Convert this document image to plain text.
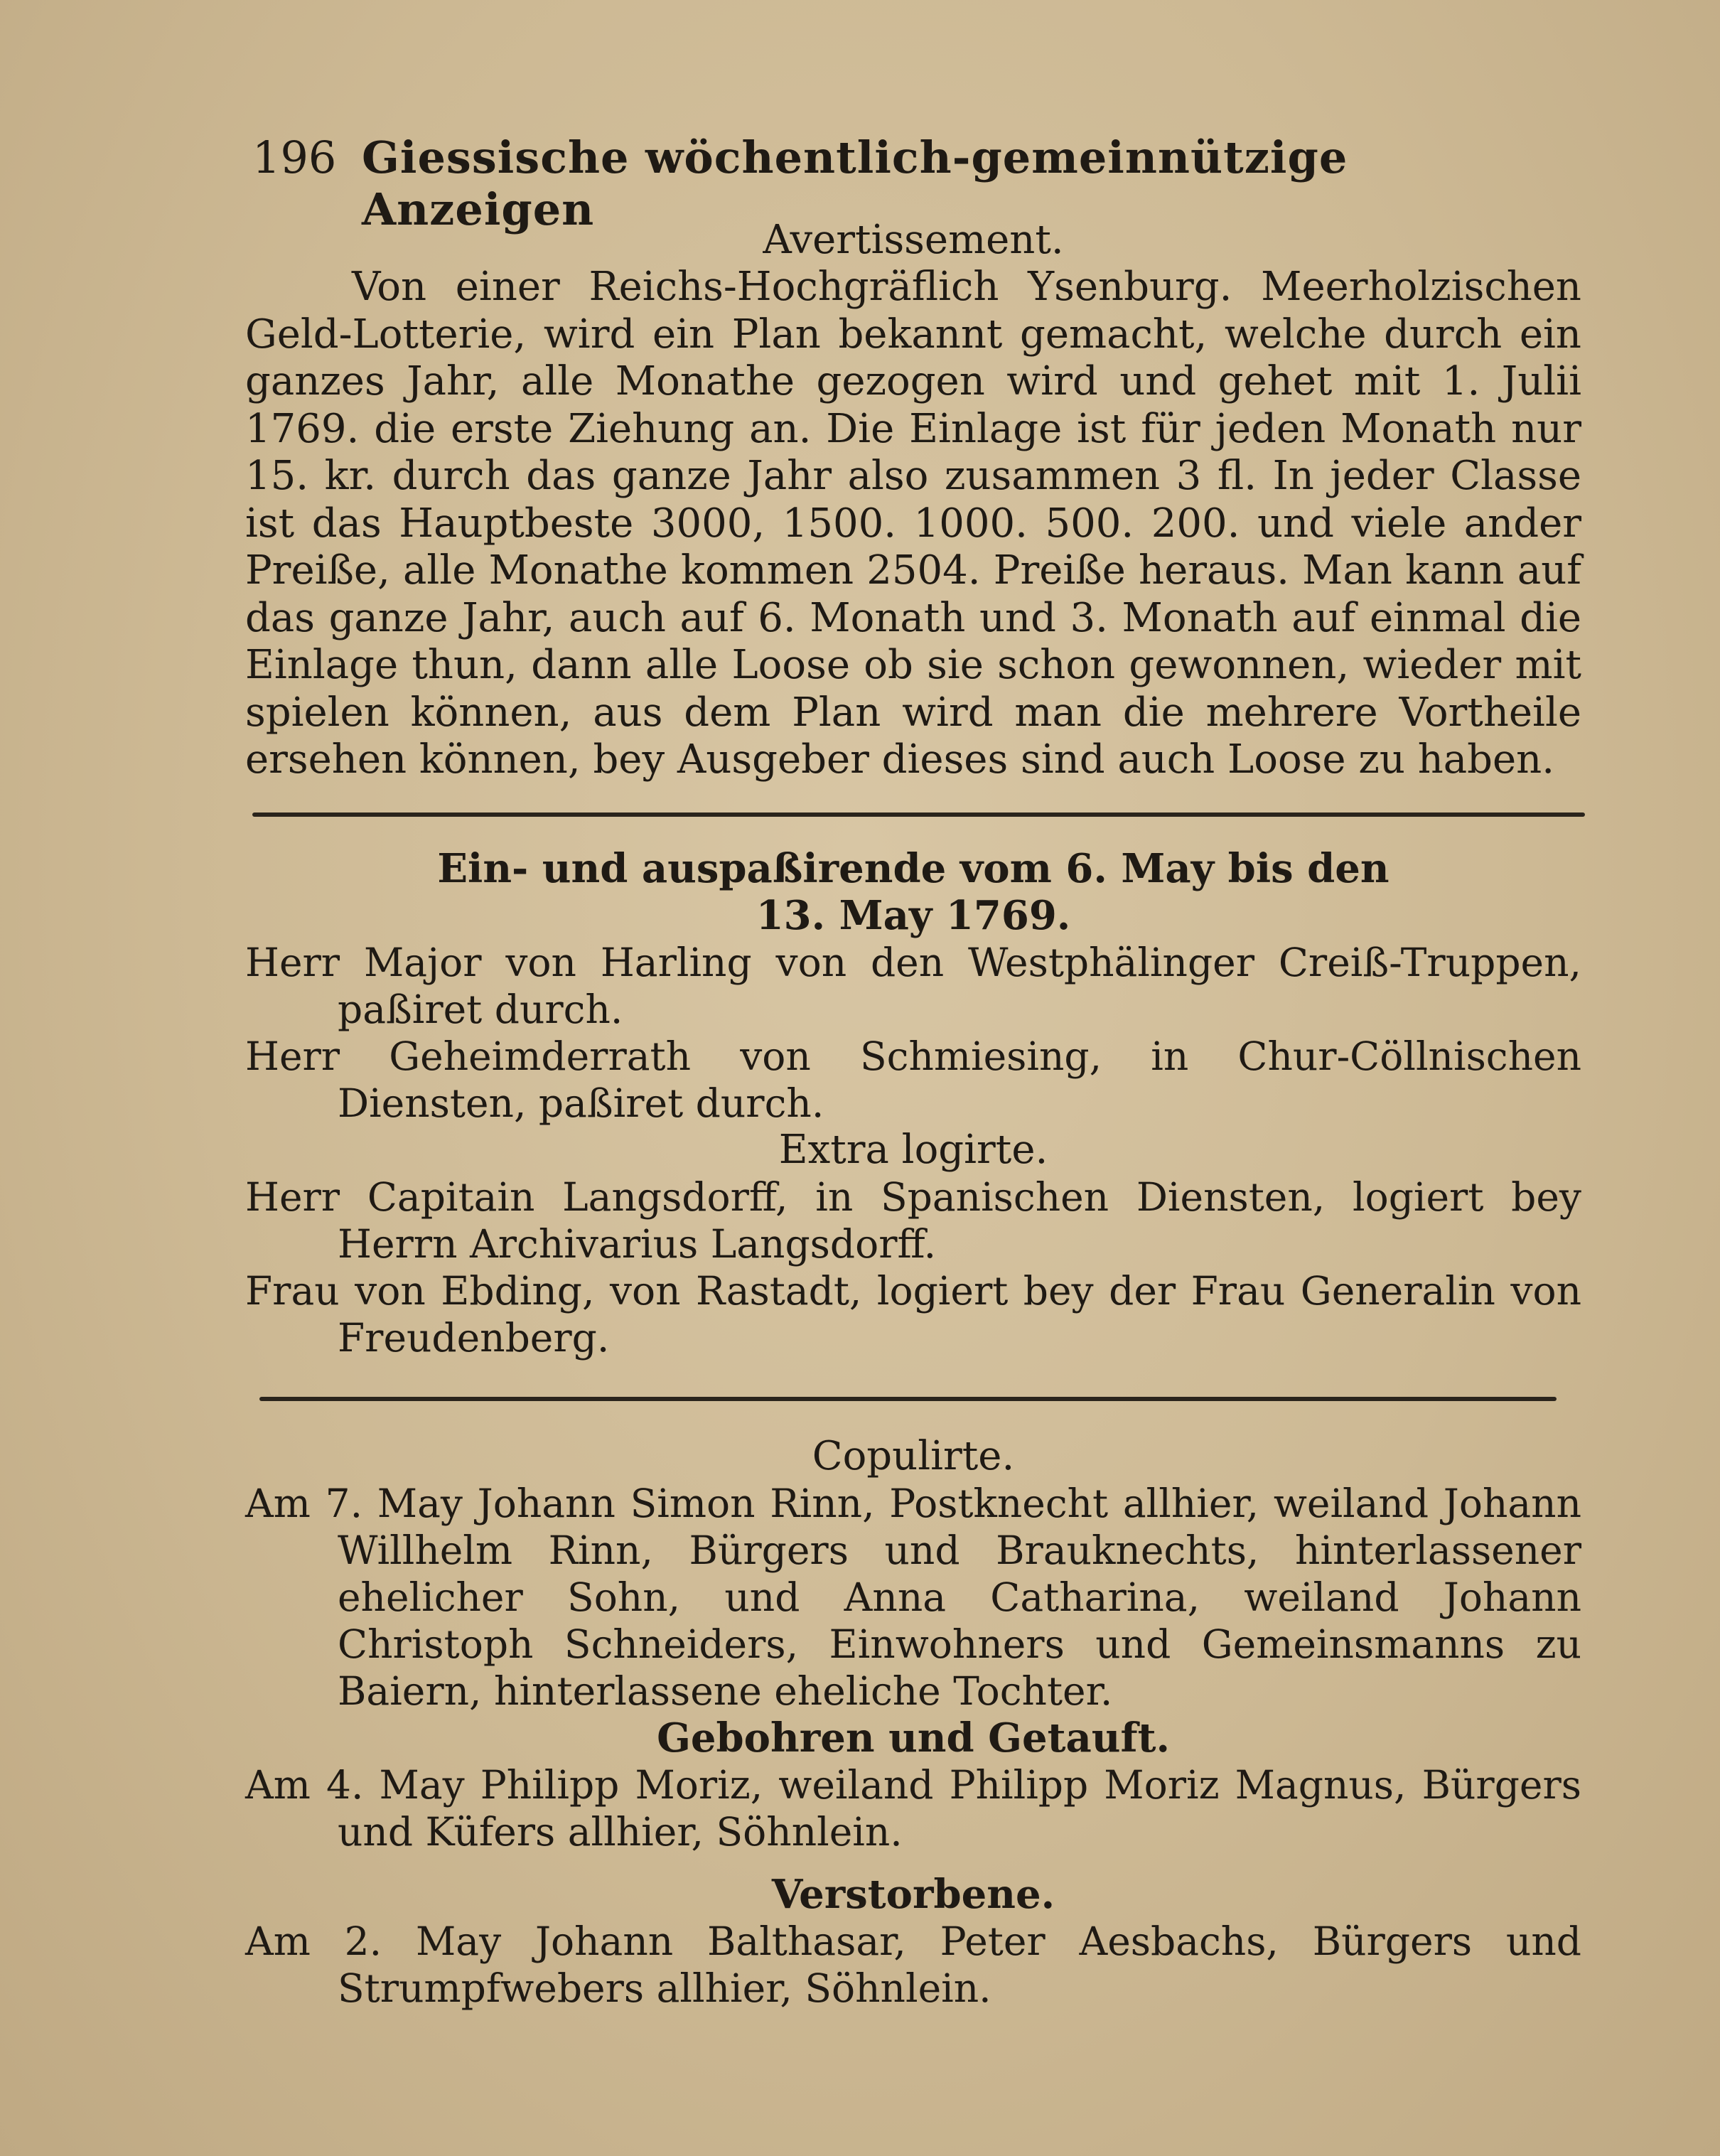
196 Giessische wöchentlich-gemeinnützige Anzeigen

Avertissement.

Von einer Reichs-Hochgräflich Ysenburg. Meerholzischen Geld-Lotterie, wird ein Plan bekannt gemacht, welche durch ein ganzes Jahr, alle Monathe gezogen wird und gehet mit 1. Julii 1769. die erste Ziehung an. Die Einlage ist für jeden Monath nur 15. kr. durch das ganze Jahr also zusammen 3 fl. In jeder Classe ist das Hauptbeste 3000, 1500. 1000. 500. 200. und viele ander Preiße, alle Monathe kommen 2504. Preiße heraus. Man kann auf das ganze Jahr, auch auf 6. Monath und 3. Monath auf einmal die Einlage thun, dann alle Loose ob sie schon gewonnen, wieder mit spielen können, aus dem Plan wird man die mehrere Vortheile ersehen können, bey Ausgeber dieses sind auch Loose zu haben.

Ein- und auspaßirende vom 6. May bis den

13. May 1769.

Herr Major von Harling von den Westphälinger Creiß-Truppen, paßiret durch.

Herr Geheimderrath von Schmiesing, in Chur-Cöllnischen Diensten, paßiret durch.

Extra logirte.

Herr Capitain Langsdorff, in Spanischen Diensten, logiert bey Herrn Archivarius Langsdorff.

Frau von Ebding, von Rastadt, logiert bey der Frau Generalin von Freudenberg.

Copulirte.

Am 7. May Johann Simon Rinn, Postknecht allhier, weiland Johann Willhelm Rinn, Bürgers und Brauknechts, hinterlassener ehelicher Sohn, und Anna Catharina, weiland Johann Christoph Schneiders, Einwohners und Gemeinsmanns zu Baiern, hinterlassene eheliche Tochter.

Gebohren und Getauft.

Am 4. May Philipp Moriz, weiland Philipp Moriz Magnus, Bürgers und Küfers allhier, Söhnlein.

Verstorbene.

Am 2. May Johann Balthasar, Peter Aesbachs, Bürgers und Strumpfwebers allhier, Söhnlein.
